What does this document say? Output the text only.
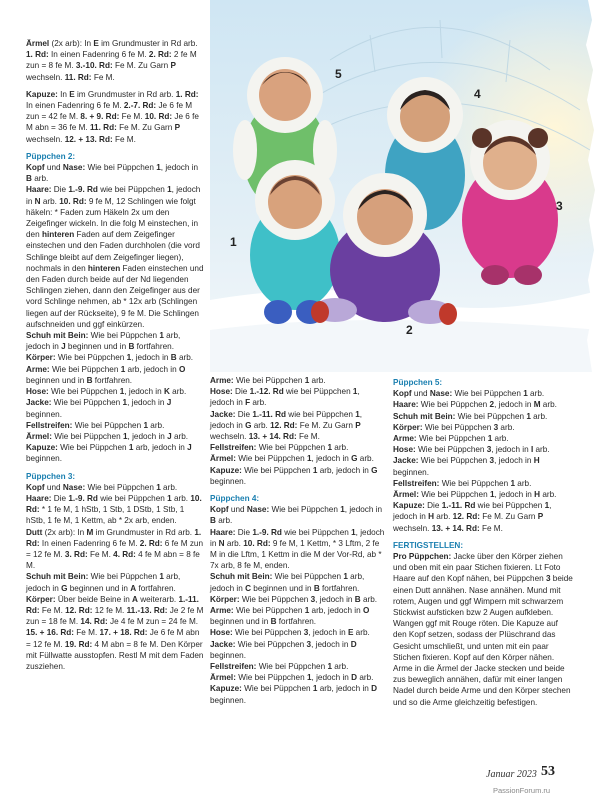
5
4
1
3
2

Ärmel (2x arb): In E im Grundmuster in Rd arb. 1. Rd: In einen Fadenring 6 fe M. 2. Rd: 2 fe M zun = 8 fe M. 3.-10. Rd: Fe M. Zu Garn P wechseln. 11. Rd: Fe M.

Kapuze: In E im Grundmuster in Rd arb. 1. Rd: In einen Fadenring 6 fe M. 2.-7. Rd: Je 6 fe M zun = 42 fe M. 8. + 9. Rd: Fe M. 10. Rd: Je 6 fe M abn = 36 fe M. 11. Rd: Fe M. Zu Garn P wechseln. 12. + 13. Rd: Fe M.

Püppchen 2:
Kopf und Nase: Wie bei Püppchen 1, jedoch in B arb.
Haare: Die 1.-9. Rd wie bei Püppchen 1, jedoch in N arb. 10. Rd: 9 fe M, 12 Schlingen wie folgt häkeln: * Faden zum Häkeln 2x um den Zeigefinger wickeln. In die folg M einstechen, in den hinteren Faden auf dem Zeigefinger einstechen und den Faden durchholen (die vord Schlinge bleibt auf dem Zeigefinger liegen), nochmals in den hinteren Faden einstechen und den Faden durch beide auf der Nd liegenden Schlingen ziehen, dann den Zeigefinger aus der vord Schlinge nehmen, ab * 12x arb (Schlingen liegen auf der Rückseite), 9 fe M. Die Schlingen aufschneiden und ggf einkürzen.
Schuh mit Bein: Wie bei Püppchen 1 arb, jedoch in J beginnen und in B fortfahren.
Körper: Wie bei Püppchen 1, jedoch in B arb.
Arme: Wie bei Püppchen 1 arb, jedoch in O beginnen und in B fortfahren.
Hose: Wie bei Püppchen 1, jedoch in K arb.
Jacke: Wie bei Püppchen 1, jedoch in J beginnen.
Fellstreifen: Wie bei Püppchen 1 arb.
Ärmel: Wie bei Püppchen 1, jedoch in J arb.

Kapuze: Wie bei Püppchen 1 arb, jedoch in J beginnen.

Püppchen 3:
Kopf und Nase: Wie bei Püppchen 1 arb.
Haare: Die 1.-9. Rd wie bei Püppchen 1 arb. 10. Rd: * 1 fe M, 1 hStb, 1 Stb, 1 DStb, 1 Stb, 1 hStb, 1 fe M, 1 Kettm, ab * 2x arb, enden.
Dutt (2x arb): In M im Grundmuster in Rd arb. 1. Rd: In einen Fadenring 6 fe M. 2. Rd: 6 fe M zun = 12 fe M. 3. Rd: Fe M. 4. Rd: 4 fe M abn = 8 fe M.
Schuh mit Bein: Wie bei Püppchen 1 arb, jedoch in G beginnen und in A fortfahren.
Körper: Über beide Beine in A weiterarb. 1.-11. Rd: Fe M. 12. Rd: 12 fe M. 11.-13. Rd: Je 2 fe M zun = 18 fe M. 14. Rd: Je 4 fe M zun = 24 fe M. 15. + 16. Rd: Fe M. 17. + 18. Rd: Je 6 fe M abn = 12 fe M. 19. Rd: 4 M abn = 8 fe M. Den Körper mit Füllwatte ausstopfen. Restl M mit dem Faden zusziehen.
Arme: Wie bei Püppchen 1 arb.
Hose: Die 1.-12. Rd wie bei Püppchen 1, jedoch in F arb.
Jacke: Die 1.-11. Rd wie bei Püppchen 1, jedoch in G arb. 12. Rd: Fe M. Zu Garn P wechseln. 13. + 14. Rd: Fe M.
Fellstreifen: Wie bei Püppchen 1 arb.
Ärmel: Wie bei Püppchen 1, jedoch in G arb.

Kapuze: Wie bei Püppchen 1 arb, jedoch in G beginnen.

Püppchen 4:
Kopf und Nase: Wie bei Püppchen 1, jedoch in B arb.
Haare: Die 1.-9. Rd wie bei Püppchen 1, jedoch in N arb. 10. Rd: 9 fe M, 1 Kettm, * 3 Lftm, 2 fe M in die Lftm, 1 Kettm in die M der Vor-Rd, ab * 7x arb, 8 fe M, enden.
Schuh mit Bein: Wie bei Püppchen 1 arb, jedoch in C beginnen und in B fortfahren.
Körper: Wie bei Püppchen 3, jedoch in B arb.
Arme: Wie bei Püppchen 1 arb, jedoch in O beginnen und in B fortfahren.
Hose: Wie bei Püppchen 3, jedoch in E arb.
Jacke: Wie bei Püppchen 3, jedoch in D beginnen.
Fellstreifen: Wie bei Püppchen 1 arb.
Ärmel: Wie bei Püppchen 1, jedoch in D arb.
Kapuze: Wie bei Püppchen 1 arb, jedoch in D beginnen.
Püppchen 5:
Kopf und Nase: Wie bei Püppchen 1 arb.
Haare: Wie bei Püppchen 2, jedoch in M arb.
Schuh mit Bein: Wie bei Püppchen 1 arb.
Körper: Wie bei Püppchen 3 arb.
Arme: Wie bei Püppchen 1 arb.
Hose: Wie bei Püppchen 3, jedoch in I arb.
Jacke: Wie bei Püppchen 3, jedoch in H beginnen.
Fellstreifen: Wie bei Püppchen 1 arb.
Ärmel: Wie bei Püppchen 1, jedoch in H arb.

Kapuze: Die 1.-11. Rd wie bei Püppchen 1, jedoch in H arb. 12. Rd: Fe M. Zu Garn P wechseln. 13. + 14. Rd: Fe M.

FERTIGSTELLEN:
Pro Püppchen: Jacke über den Körper ziehen und oben mit ein paar Stichen fixieren. Lt Foto Haare auf den Kopf nähen, bei Püppchen 3 beide einen Dutt annähen. Nase annähen. Mund mit rotem, Augen und ggf Wimpern mit schwarzem Stickwist aufsticken bzw 2 Augen aufkleben. Wangen ggf mit Rouge röten. Die Kapuze auf den Kopf setzen, sodass der Plüschrand das Gesicht umschließt, und unten mit ein paar Stichen fixieren. Kopf auf den Körper nähen. Arme in die Ärmel der Jacke stecken und beide zus beweglich annähen, dafür mit einer langen Nadel durch beide Arme und den Körper stechen und so die Arme gleichzeitig befestigen.
Januar 2023 53
PassionForum.ru
